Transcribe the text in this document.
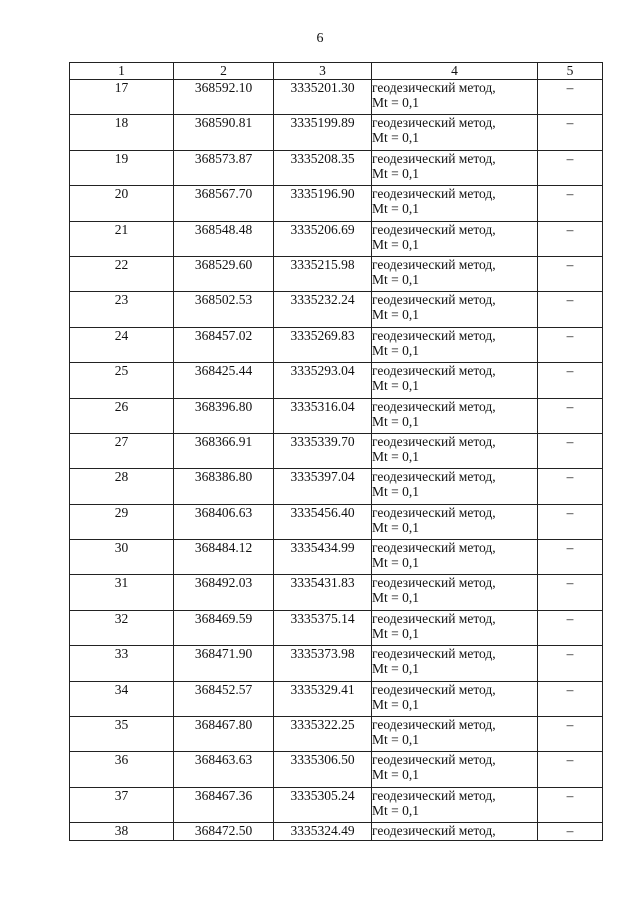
6
1	2	3	4	5
17	368592.10	3335201.30	геодезический метод,
Mt = 0,1	–
18	368590.81	3335199.89	геодезический метод,
Mt = 0,1	–
19	368573.87	3335208.35	геодезический метод,
Mt = 0,1	–
20	368567.70	3335196.90	геодезический метод,
Mt = 0,1	–
21	368548.48	3335206.69	геодезический метод,
Mt = 0,1	–
22	368529.60	3335215.98	геодезический метод,
Mt = 0,1	–
23	368502.53	3335232.24	геодезический метод,
Mt = 0,1	–
24	368457.02	3335269.83	геодезический метод,
Mt = 0,1	–
25	368425.44	3335293.04	геодезический метод,
Mt = 0,1	–
26	368396.80	3335316.04	геодезический метод,
Mt = 0,1	–
27	368366.91	3335339.70	геодезический метод,
Mt = 0,1	–
28	368386.80	3335397.04	геодезический метод,
Mt = 0,1	–
29	368406.63	3335456.40	геодезический метод,
Mt = 0,1	–
30	368484.12	3335434.99	геодезический метод,
Mt = 0,1	–
31	368492.03	3335431.83	геодезический метод,
Mt = 0,1	–
32	368469.59	3335375.14	геодезический метод,
Mt = 0,1	–
33	368471.90	3335373.98	геодезический метод,
Mt = 0,1	–
34	368452.57	3335329.41	геодезический метод,
Mt = 0,1	–
35	368467.80	3335322.25	геодезический метод,
Mt = 0,1	–
36	368463.63	3335306.50	геодезический метод,
Mt = 0,1	–
37	368467.36	3335305.24	геодезический метод,
Mt = 0,1	–
38	368472.50	3335324.49	геодезический метод,	–
